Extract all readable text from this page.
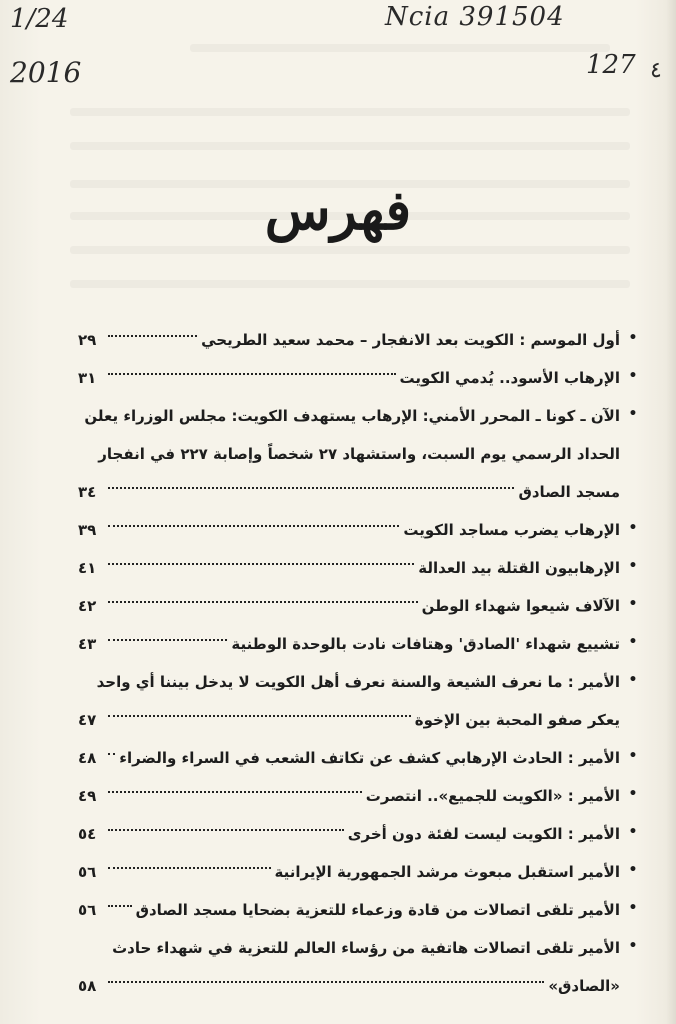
1/24
2016
Ncia 391504
127 ٤
فهرس
•
أول الموسم : الكويت بعد الانفجار – محمد سعيد الطريحي
٢٩
•
الإرهاب الأسود.. يُدمي الكويت
٣١
•
الآن ـ كونا ـ المحرر الأمني: الإرهاب يستهدف الكويت: مجلس الوزراء يعلن
الحداد الرسمي يوم السبت، واستشهاد ٢٧ شخصاً وإصابة ٢٢٧ في انفجار
مسجد الصادق
٣٤
•
الإرهاب يضرب مساجد الكويت
٣٩
•
الإرهابيون القتلة بيد العدالة
٤١
•
الآلاف شيعوا شهداء الوطن
٤٢
•
تشييع شهداء 'الصادق' وهتافات نادت بالوحدة الوطنية
٤٣
•
الأمير : ما نعرف الشيعة والسنة نعرف أهل الكويت لا يدخل بيننا أي واحد
يعكر صفو المحبة بين الإخوة
٤٧
•
الأمير : الحادث الإرهابي كشف عن تكاتف الشعب في السراء والضراء
٤٨
•
الأمير : «الكويت للجميع».. انتصرت
٤٩
•
الأمير : الكويت ليست لفئة دون أخرى
٥٤
•
الأمير استقبل مبعوث مرشد الجمهورية الإيرانية
٥٦
•
الأمير تلقى اتصالات من قادة وزعماء للتعزية بضحايا مسجد الصادق
٥٦
•
الأمير تلقى اتصالات هاتفية من رؤساء العالم للتعزية في شهداء حادث
«الصادق»
٥٨
